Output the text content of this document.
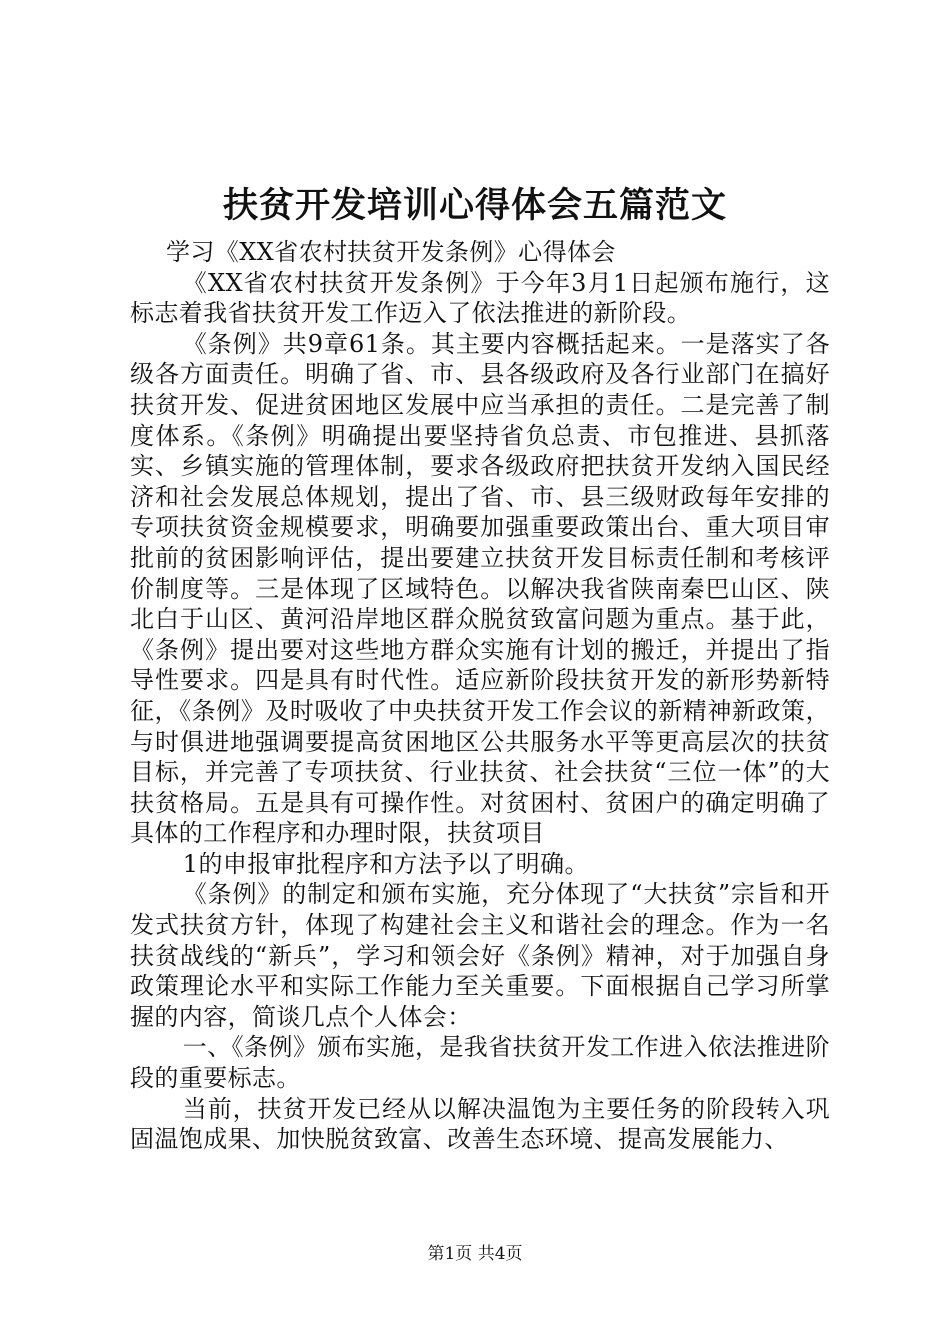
扶贫开发培训心得体会五篇范文

学习《XX省农村扶贫开发条例》心得体会

《XX省农村扶贫开发条例》于今年3月1日起颁布施行，这标志着我省扶贫开发工作迈入了依法推进的新阶段。

《条例》共9章61条。其主要内容概括起来。一是落实了各级各方面责任。明确了省、市、县各级政府及各行业部门在搞好扶贫开发、促进贫困地区发展中应当承担的责任。二是完善了制度体系。《条例》明确提出要坚持省负总责、市包推进、县抓落实、乡镇实施的管理体制，要求各级政府把扶贫开发纳入国民经济和社会发展总体规划，提出了省、市、县三级财政每年安排的专项扶贫资金规模要求，明确要加强重要政策出台、重大项目审批前的贫困影响评估，提出要建立扶贫开发目标责任制和考核评价制度等。三是体现了区域特色。以解决我省陕南秦巴山区、陕北白于山区、黄河沿岸地区群众脱贫致富问题为重点。基于此，《条例》提出要对这些地方群众实施有计划的搬迁，并提出了指导性要求。四是具有时代性。适应新阶段扶贫开发的新形势新特征，《条例》及时吸收了中央扶贫开发工作会议的新精神新政策，与时俱进地强调要提高贫困地区公共服务水平等更高层次的扶贫目标，并完善了专项扶贫、行业扶贫、社会扶贫“三位一体”的大扶贫格局。五是具有可操作性。对贫困村、贫困户的确定明确了具体的工作程序和办理时限，扶贫项目

1的申报审批程序和方法予以了明确。

《条例》的制定和颁布实施，充分体现了“大扶贫”宗旨和开发式扶贫方针，体现了构建社会主义和谐社会的理念。作为一名扶贫战线的“新兵”，学习和领会好《条例》精神，对于加强自身政策理论水平和实际工作能力至关重要。下面根据自己学习所掌握的内容，简谈几点个人体会：

一、《条例》颁布实施，是我省扶贫开发工作进入依法推进阶段的重要标志。

当前，扶贫开发已经从以解决温饱为主要任务的阶段转入巩固温饱成果、加快脱贫致富、改善生态环境、提高发展能力、

第1页 共4页
